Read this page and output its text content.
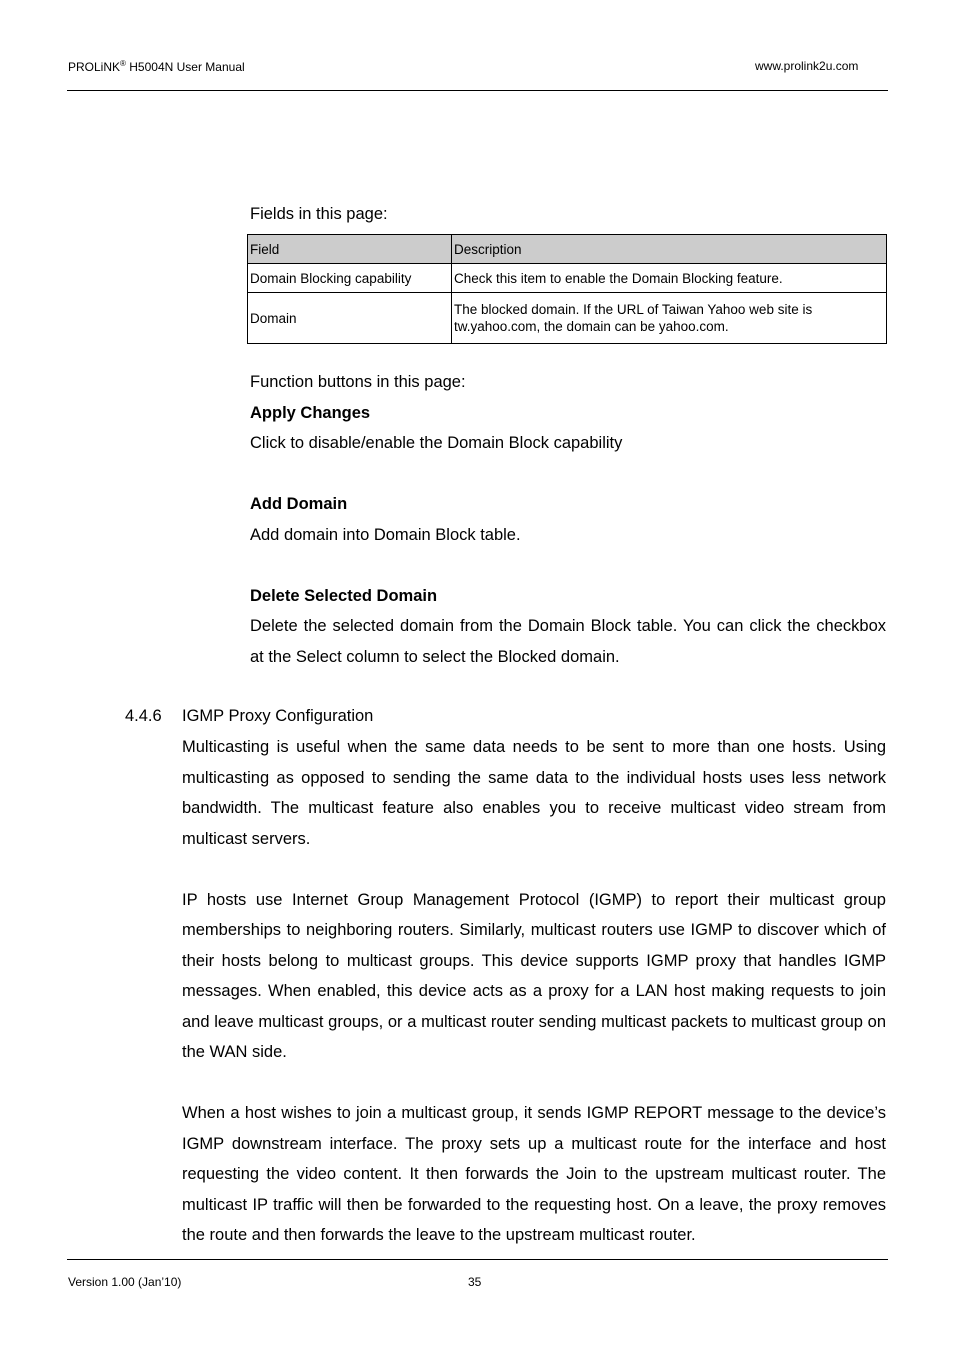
PROLiNK® H5004N User Manual	www.prolink2u.com
Fields in this page:
Field	Description
Domain Blocking capability	Check this item to enable the Domain Blocking feature.
Domain	The blocked domain. If the URL of Taiwan Yahoo web site is tw.yahoo.com, the domain can be yahoo.com.
Function buttons in this page:
Apply Changes
Click to disable/enable the Domain Block capability
Add Domain
Add domain into Domain Block table.
Delete Selected Domain
Delete the selected domain from the Domain Block table. You can click the checkbox at the Select column to select the Blocked domain.
4.4.6 IGMP Proxy Configuration
Multicasting is useful when the same data needs to be sent to more than one hosts. Using multicasting as opposed to sending the same data to the individual hosts uses less network bandwidth. The multicast feature also enables you to receive multicast video stream from multicast servers.
IP hosts use Internet Group Management Protocol (IGMP) to report their multicast group memberships to neighboring routers. Similarly, multicast routers use IGMP to discover which of their hosts belong to multicast groups. This device supports IGMP proxy that handles IGMP messages. When enabled, this device acts as a proxy for a LAN host making requests to join and leave multicast groups, or a multicast router sending multicast packets to multicast group on the WAN side.
When a host wishes to join a multicast group, it sends IGMP REPORT message to the device’s IGMP downstream interface. The proxy sets up a multicast route for the interface and host requesting the video content. It then forwards the Join to the upstream multicast router. The multicast IP traffic will then be forwarded to the requesting host. On a leave, the proxy removes the route and then forwards the leave to the upstream multicast router.
Version 1.00 (Jan’10)	35
